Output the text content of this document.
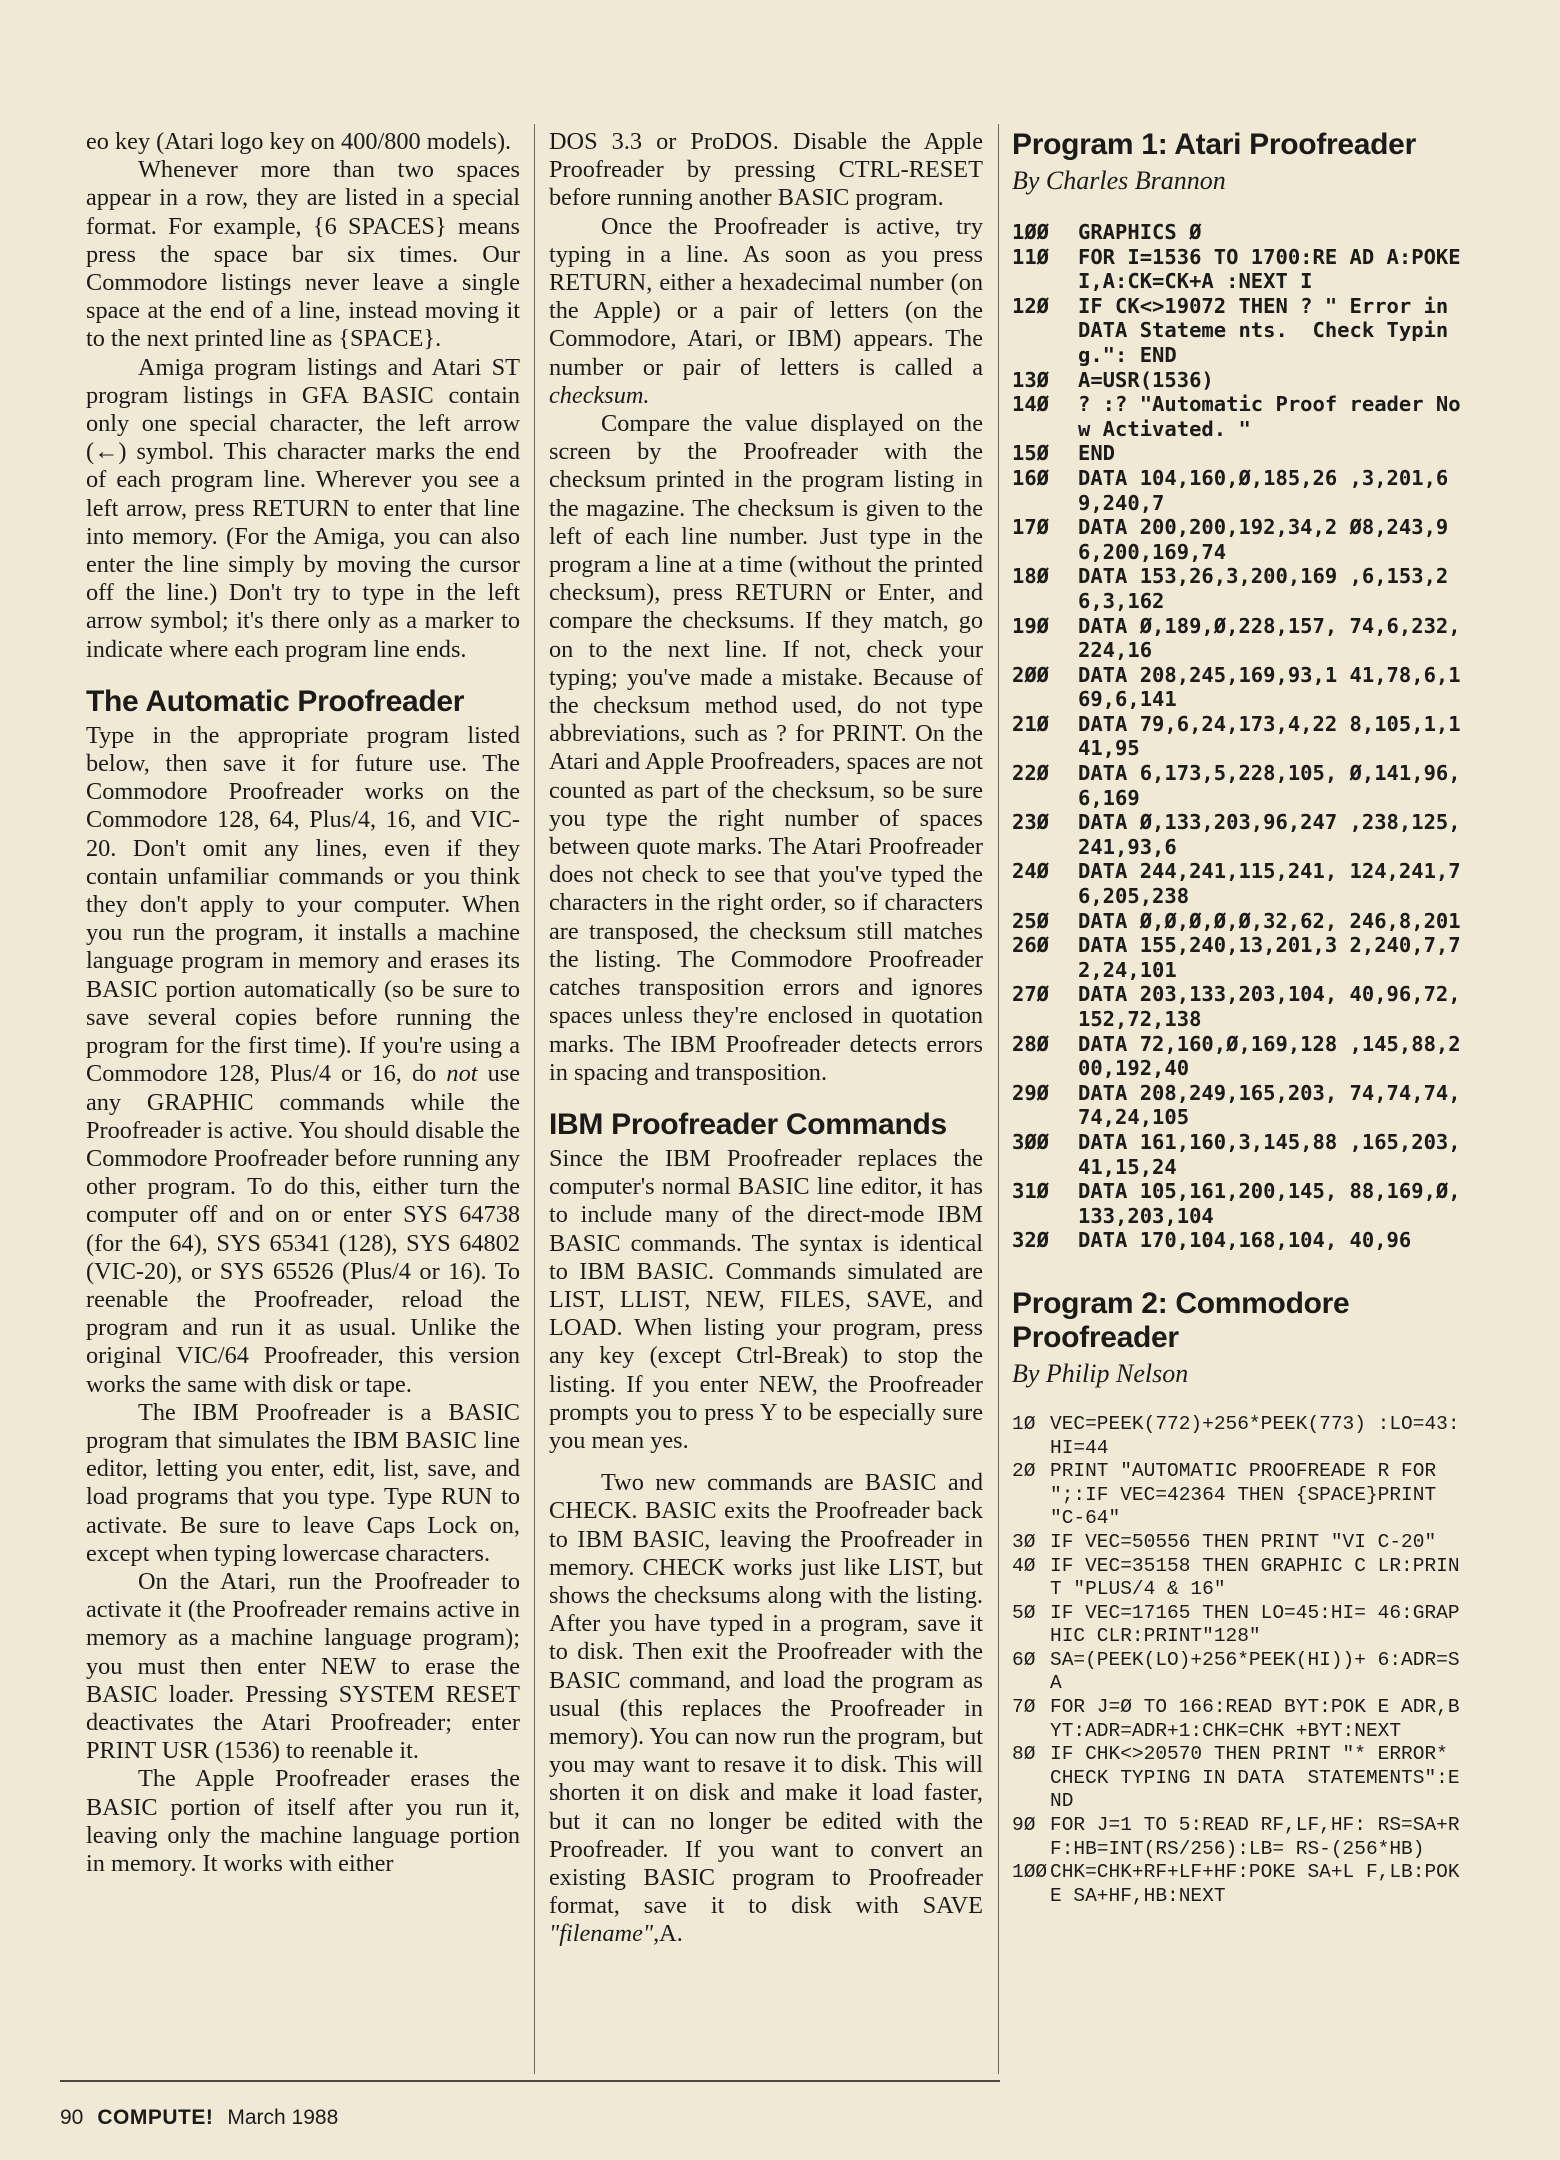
eo key (Atari logo key on 400/800 models).

Whenever more than two spaces appear in a row, they are listed in a special format. For example, {6 SPACES} means press the space bar six times. Our Commodore listings never leave a single space at the end of a line, instead moving it to the next printed line as {SPACE}.

Amiga program listings and Atari ST program listings in GFA BASIC contain only one special character, the left arrow (←) symbol. This character marks the end of each program line. Wherever you see a left arrow, press RETURN to enter that line into memory. (For the Amiga, you can also enter the line simply by moving the cursor off the line.) Don't try to type in the left arrow symbol; it's there only as a marker to indicate where each program line ends.

The Automatic Proofreader

Type in the appropriate program listed below, then save it for future use. The Commodore Proofreader works on the Commodore 128, 64, Plus/4, 16, and VIC-20. Don't omit any lines, even if they contain unfamiliar commands or you think they don't apply to your computer. When you run the program, it installs a machine language program in memory and erases its BASIC portion automatically (so be sure to save several copies before running the program for the first time). If you're using a Commodore 128, Plus/4 or 16, do not use any GRAPHIC commands while the Proofreader is active. You should disable the Commodore Proofreader before running any other program. To do this, either turn the computer off and on or enter SYS 64738 (for the 64), SYS 65341 (128), SYS 64802 (VIC-20), or SYS 65526 (Plus/4 or 16). To reenable the Proofreader, reload the program and run it as usual. Unlike the original VIC/64 Proofreader, this version works the same with disk or tape.

The IBM Proofreader is a BASIC program that simulates the IBM BASIC line editor, letting you enter, edit, list, save, and load programs that you type. Type RUN to activate. Be sure to leave Caps Lock on, except when typing lowercase characters.

On the Atari, run the Proofreader to activate it (the Proofreader remains active in memory as a machine language program); you must then enter NEW to erase the BASIC loader. Pressing SYSTEM RESET deactivates the Atari Proofreader; enter PRINT USR (1536) to reenable it.

The Apple Proofreader erases the BASIC portion of itself after you run it, leaving only the machine language portion in memory. It works with either

DOS 3.3 or ProDOS. Disable the Apple Proofreader by pressing CTRL-RESET before running another BASIC program.

Once the Proofreader is active, try typing in a line. As soon as you press RETURN, either a hexadecimal number (on the Apple) or a pair of letters (on the Commodore, Atari, or IBM) appears. The number or pair of letters is called a checksum.

Compare the value displayed on the screen by the Proofreader with the checksum printed in the program listing in the magazine. The checksum is given to the left of each line number. Just type in the program a line at a time (without the printed checksum), press RETURN or Enter, and compare the checksums. If they match, go on to the next line. If not, check your typing; you've made a mistake. Because of the checksum method used, do not type abbreviations, such as ? for PRINT. On the Atari and Apple Proofreaders, spaces are not counted as part of the checksum, so be sure you type the right number of spaces between quote marks. The Atari Proofreader does not check to see that you've typed the characters in the right order, so if characters are transposed, the checksum still matches the listing. The Commodore Proofreader catches transposition errors and ignores spaces unless they're enclosed in quotation marks. The IBM Proofreader detects errors in spacing and transposition.

IBM Proofreader Commands

Since the IBM Proofreader replaces the computer's normal BASIC line editor, it has to include many of the direct-mode IBM BASIC commands. The syntax is identical to IBM BASIC. Commands simulated are LIST, LLIST, NEW, FILES, SAVE, and LOAD. When listing your program, press any key (except Ctrl-Break) to stop the listing. If you enter NEW, the Proofreader prompts you to press Y to be especially sure you mean yes.

Two new commands are BASIC and CHECK. BASIC exits the Proofreader back to IBM BASIC, leaving the Proofreader in memory. CHECK works just like LIST, but shows the checksums along with the listing. After you have typed in a program, save it to disk. Then exit the Proofreader with the BASIC command, and load the program as usual (this replaces the Proofreader in memory). You can now run the program, but you may want to resave it to disk. This will shorten it on disk and make it load faster, but it can no longer be edited with the Proofreader. If you want to convert an existing BASIC program to Proofreader format, save it to disk with SAVE "filename",A.

Program 1: Atari Proofreader
By Charles Brannon
1ØØ	GRAPHICS Ø
11Ø	FOR I=1536 TO 1700:RE AD A:POKE I,A:CK=CK+A :NEXT I
12Ø	IF CK<>19072 THEN ? " Error in DATA Stateme nts.  Check Typing.": END
13Ø	A=USR(1536)
14Ø	? :? "Automatic Proof reader Now Activated. "
15Ø	END
16Ø	DATA 104,160,Ø,185,26 ,3,201,69,240,7
17Ø	DATA 200,200,192,34,2 Ø8,243,96,200,169,74
18Ø	DATA 153,26,3,200,169 ,6,153,26,3,162
19Ø	DATA Ø,189,Ø,228,157, 74,6,232,224,16
2ØØ	DATA 208,245,169,93,1 41,78,6,169,6,141
21Ø	DATA 79,6,24,173,4,22 8,105,1,141,95
22Ø	DATA 6,173,5,228,105, Ø,141,96,6,169
23Ø	DATA Ø,133,203,96,247 ,238,125,241,93,6
24Ø	DATA 244,241,115,241, 124,241,76,205,238
25Ø	DATA Ø,Ø,Ø,Ø,Ø,32,62, 246,8,201
26Ø	DATA 155,240,13,201,3 2,240,7,72,24,101
27Ø	DATA 203,133,203,104, 40,96,72,152,72,138
28Ø	DATA 72,160,Ø,169,128 ,145,88,200,192,40
29Ø	DATA 208,249,165,203, 74,74,74,74,24,105
3ØØ	DATA 161,160,3,145,88 ,165,203,41,15,24
31Ø	DATA 105,161,200,145, 88,169,Ø,133,203,104
32Ø	DATA 170,104,168,104, 40,96
Program 2: Commodore Proofreader
By Philip Nelson
1Ø VEC=PEEK(772)+256*PEEK(773) :LO=43:HI=44
2Ø PRINT "AUTOMATIC PROOFREADE R FOR ";:IF VEC=42364 THEN {SPACE}PRINT "C-64"
3Ø IF VEC=50556 THEN PRINT "VI C-20"
4Ø IF VEC=35158 THEN GRAPHIC C LR:PRINT "PLUS/4 & 16"
5Ø IF VEC=17165 THEN LO=45:HI= 46:GRAPHIC CLR:PRINT"128"
6Ø SA=(PEEK(LO)+256*PEEK(HI))+ 6:ADR=SA
7Ø FOR J=Ø TO 166:READ BYT:POK E ADR,BYT:ADR=ADR+1:CHK=CHK +BYT:NEXT
8Ø IF CHK<>20570 THEN PRINT "* ERROR* CHECK TYPING IN DATA  STATEMENTS":END
9Ø FOR J=1 TO 5:READ RF,LF,HF: RS=SA+RF:HB=INT(RS/256):LB= RS-(256*HB)
1ØØ CHK=CHK+RF+LF+HF:POKE SA+L F,LB:POKE SA+HF,HB:NEXT
90 COMPUTE! March 1988
